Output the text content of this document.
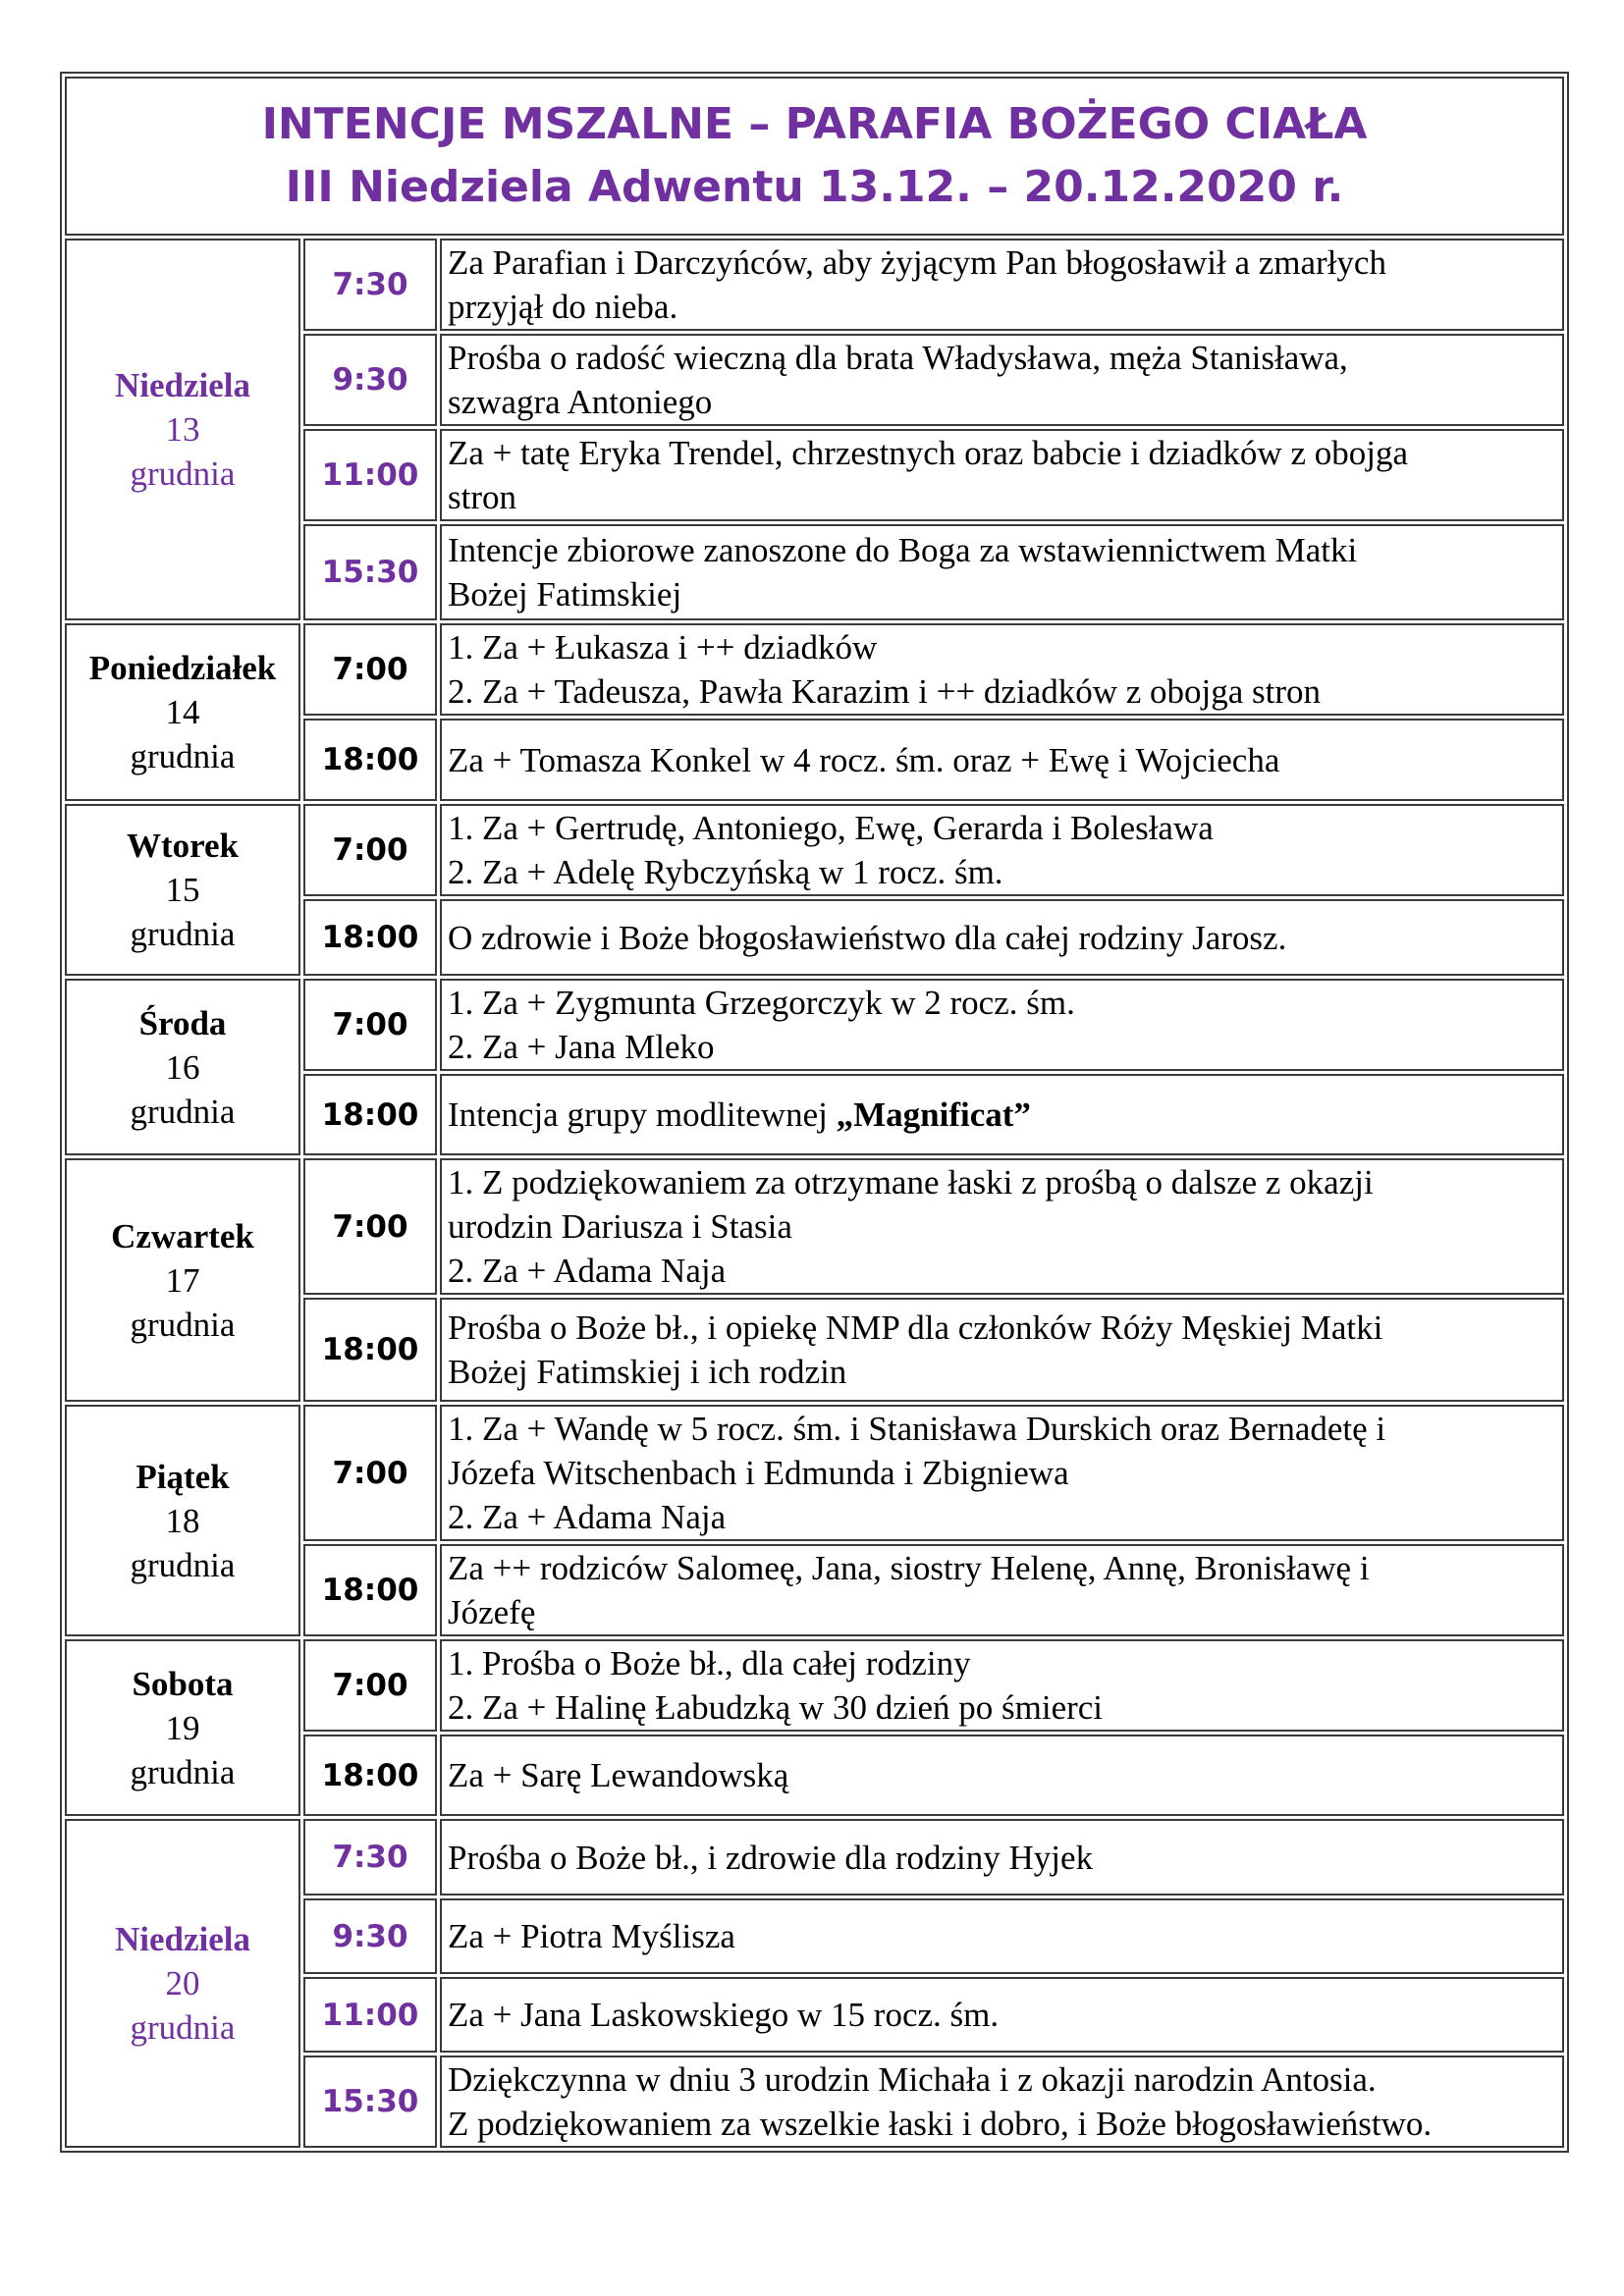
INTENCJE MSZALNE – PARAFIA BOŻEGO CIAŁA
III Niedziela Adwentu 13.12. – 20.12.2020 r.		

Niedziela
13
grudnia	7:30	Za Parafian i Darczyńców, aby żyjącym Pan błogosławił a zmarłych
przyjął do nieba.

	9:30	Prośba o radość wieczną dla brata Władysława, męża Stanisława,
szwagra Antoniego

	11:00	Za + tatę Eryka Trendel, chrzestnych oraz babcie i dziadków z obojga
stron

	15:30	Intencje zbiorowe zanoszone do Boga za wstawiennictwem Matki
Bożej Fatimskiej

Poniedziałek
14
grudnia	7:00	1. Za + Łukasza i ++ dziadków
2. Za + Tadeusza, Pawła Karazim i ++ dziadków z obojga stron

	18:00	Za + Tomasza Konkel w 4 rocz. śm. oraz + Ewę i Wojciecha

Wtorek
15
grudnia	7:00	1. Za + Gertrudę, Antoniego, Ewę, Gerarda i Bolesława
2. Za + Adelę Rybczyńską w 1 rocz. śm.

	18:00	O zdrowie i Boże błogosławieństwo dla całej rodziny Jarosz.

Środa
16
grudnia	7:00	1. Za + Zygmunta Grzegorczyk w 2 rocz. śm.
2. Za + Jana Mleko

	18:00	Intencja grupy modlitewnej „Magnificat”

Czwartek
17
grudnia	7:00	1. Z podziękowaniem za otrzymane łaski z prośbą o dalsze z okazji
urodzin Dariusza i Stasia
2. Za + Adama Naja

	18:00	Prośba o Boże bł., i opiekę NMP dla członków Róży Męskiej Matki
Bożej Fatimskiej i ich rodzin

Piątek
18
grudnia	7:00	1. Za + Wandę w 5 rocz. śm. i Stanisława Durskich oraz Bernadetę i
Józefa Witschenbach i Edmunda i Zbigniewa
2. Za + Adama Naja

	18:00	Za ++ rodziców Salomeę, Jana, siostry Helenę, Annę, Bronisławę i
Józefę

Sobota
19
grudnia	7:00	1. Prośba o Boże bł., dla całej rodziny
2. Za + Halinę Łabudzką w 30 dzień po śmierci

	18:00	Za + Sarę Lewandowską

Niedziela
20
grudnia	7:30	Prośba o Boże bł., i zdrowie dla rodziny Hyjek

	9:30	Za + Piotra Myślisza

	11:00	Za + Jana Laskowskiego w 15 rocz. śm.

	15:30	Dziękczynna w dniu 3 urodzin Michała i z okazji narodzin Antosia.
Z podziękowaniem za wszelkie łaski i dobro, i Boże błogosławieństwo.
